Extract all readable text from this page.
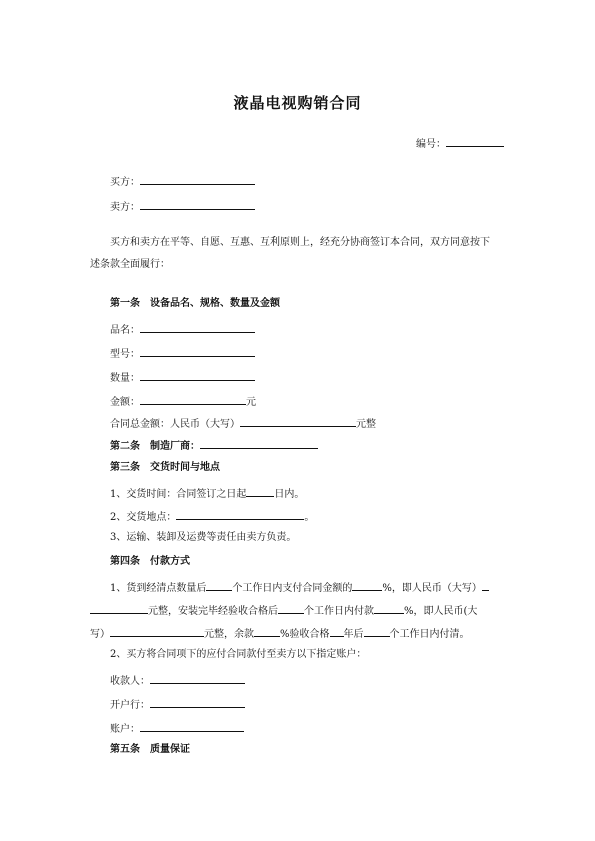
液晶电视购销合同
编号：
买方：
卖方：
买方和卖方在平等、自愿、互惠、互利原则上，经充分协商签订本合同，双方同意按下
述条款全面履行：
第一条 设备品名、规格、数量及金额
品名：
型号：
数量：
金额：	元
合同总金额：人民币（大写）	元整
第二条 制造厂商：
第三条 交货时间与地点
1、交货时间：合同签订之日起	日内。
2、交货地点：	。
3、运输、装卸及运费等责任由卖方负责。
第四条 付款方式
1、货到经清点数量后	个工作日内支付合同金额的	%，即人民币（大写）
元整，安装完毕经验收合格后	个工作日内付款	%，即人民币(大
写）	元整，余款	%验收合格 年后	个工作日内付清。
2、买方将合同项下的应付合同款付至卖方以下指定账户：
收款人：
开户行：
账户：
第五条 质量保证
